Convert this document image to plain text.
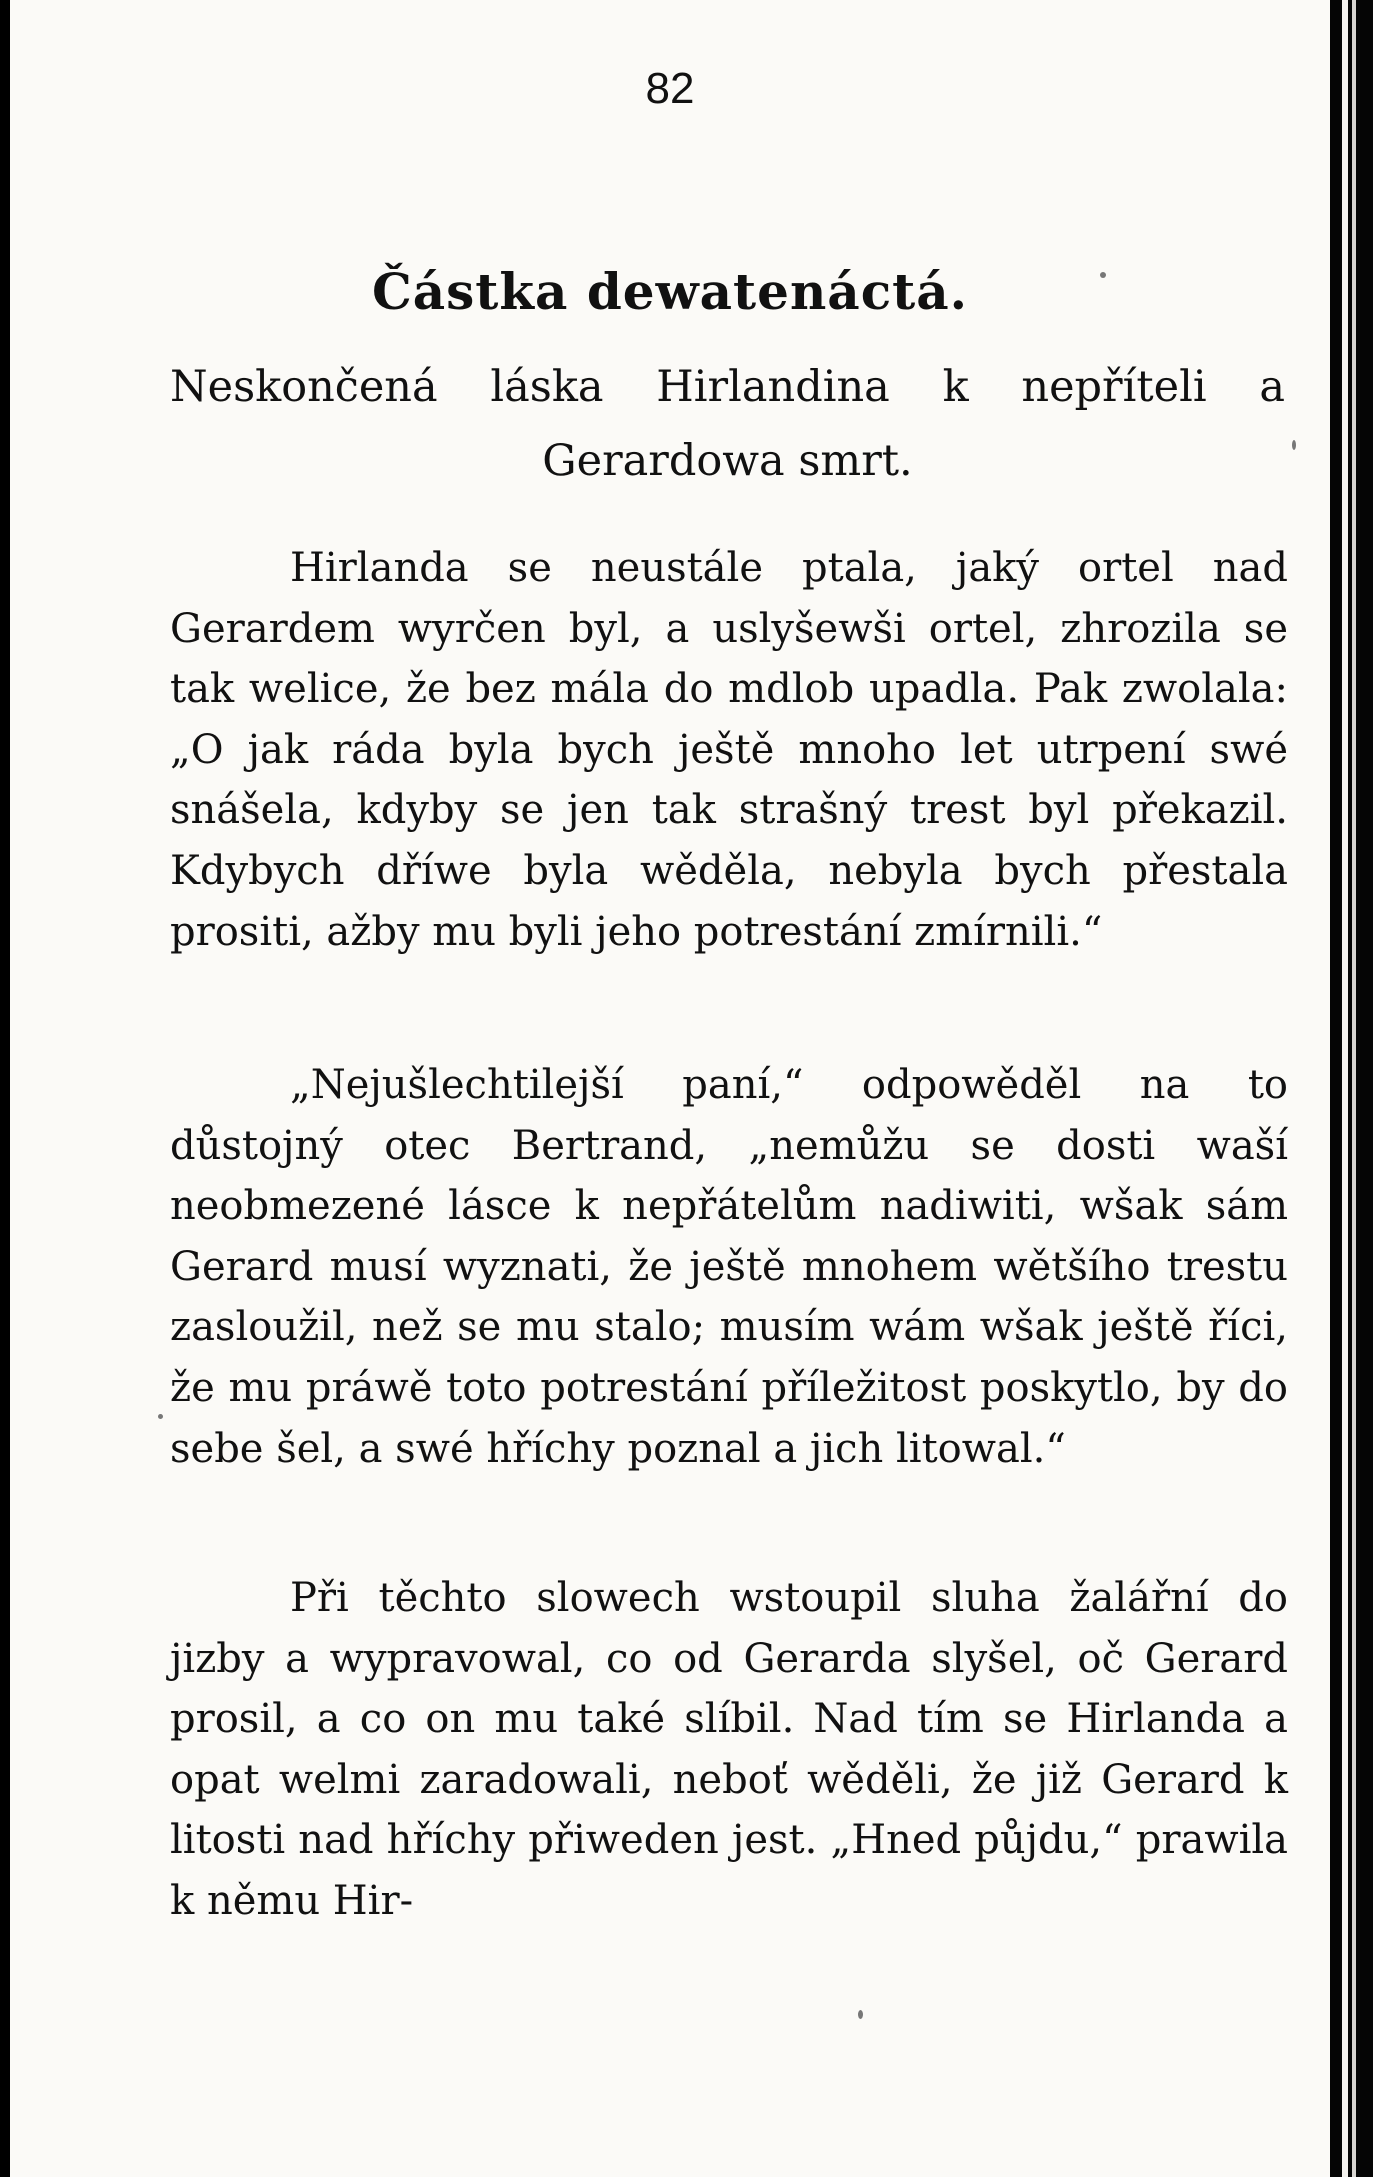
82
Částka dewatenáctá.
Neskončená láska Hirlandina k nepříteli a Gerardowa smrt.

Hirlanda se neustále ptala, jaký ortel nad Gerardem wyrčen byl, a uslyšewši ortel, zhrozila se tak welice, že bez mála do mdlob upadla. Pak zwolala: „O jak ráda byla bych ještě mnoho let utrpení swé snášela, kdyby se jen tak strašný trest byl překazil. Kdybych dříwe byla wěděla, nebyla bych přestala prositi, ažby mu byli jeho potrestání zmírnili.“

„Nejušlechtilejší paní,“ odpowěděl na to důstojný otec Bertrand, „nemůžu se dosti waší neobmezené lásce k nepřátelům nadiwiti, wšak sám Gerard musí wyznati, že ještě mnohem wětšího trestu zasloužil, než se mu stalo; musím wám wšak ještě říci, že mu práwě toto potrestání příležitost poskytlo, by do sebe šel, a swé hříchy poznal a jich litowal.“

Při těchto slowech wstoupil sluha žalářní do jizby a wypravowal, co od Gerarda slyšel, oč Gerard prosil, a co on mu také slíbil. Nad tím se Hirlanda a opat welmi zaradowali, neboť wěděli, že již Gerard k litosti nad hříchy přiweden jest. „Hned půjdu,“ prawila k němu Hir-
